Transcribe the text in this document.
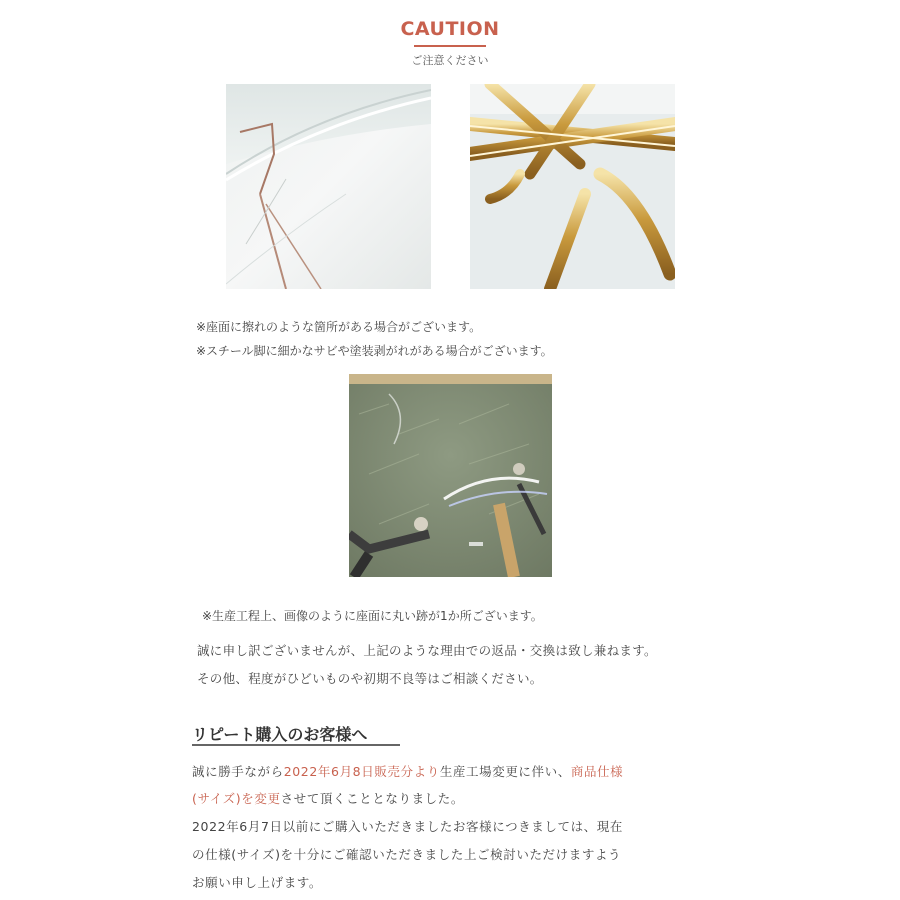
CAUTION
ご注意ください
※座面に擦れのような箇所がある場合がございます。
※スチール脚に細かなサビや塗装剥がれがある場合がございます。
※生産工程上、画像のように座面に丸い跡が1か所ございます。
誠に申し訳ございませんが、上記のような理由での返品・交換は致し兼ねます。
その他、程度がひどいものや初期不良等はご相談ください。
リピート購入のお客様へ
誠に勝手ながら2022年6月8日販売分より生産工場変更に伴い、商品仕様
(サイズ)を変更させて頂くこととなりました。
2022年6月7日以前にご購入いただきましたお客様につきましては、現在
の仕様(サイズ)を十分にご確認いただきました上ご検討いただけますよう
お願い申し上げます。
